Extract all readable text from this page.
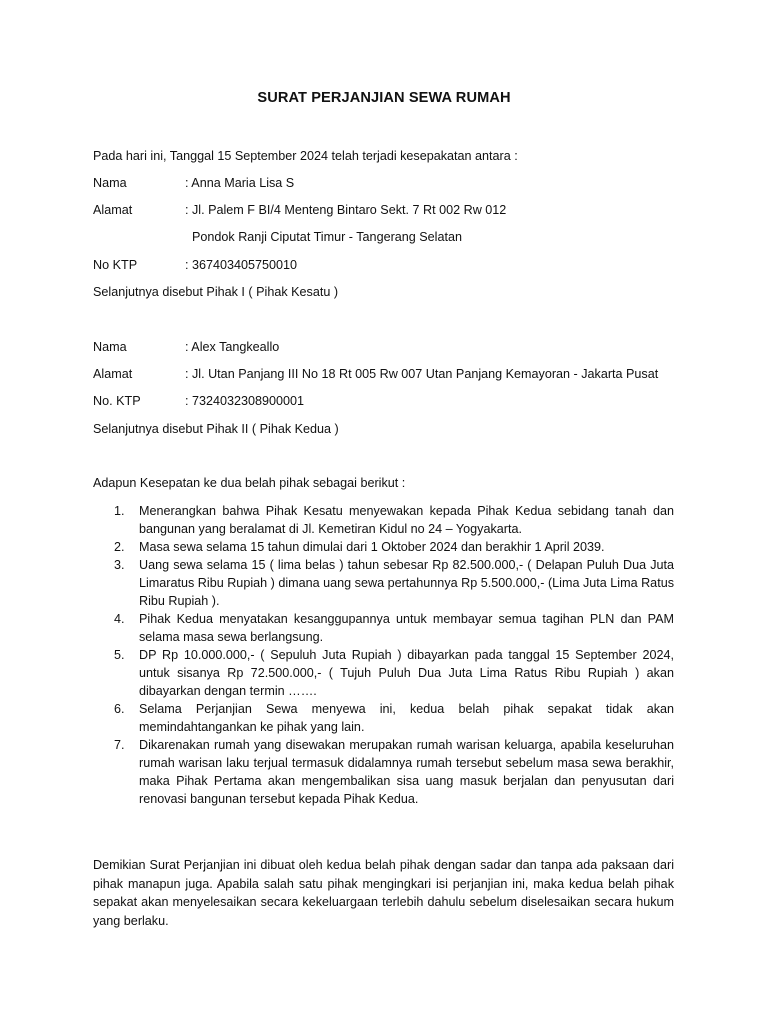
SURAT PERJANJIAN SEWA RUMAH
Pada hari ini, Tanggal 15 September 2024 telah terjadi kesepakatan antara :
Nama	: Anna Maria Lisa S
Alamat	: Jl. Palem F BI/4 Menteng Bintaro Sekt. 7 Rt 002 Rw 012
Pondok Ranji Ciputat Timur - Tangerang Selatan
No KTP	: 367403405750010
Selanjutnya disebut Pihak I ( Pihak Kesatu )
Nama	: Alex Tangkeallo
Alamat	: Jl. Utan Panjang III No 18 Rt 005 Rw 007 Utan Panjang Kemayoran - Jakarta Pusat
No. KTP	: 7324032308900001
Selanjutnya disebut Pihak II ( Pihak Kedua )
Adapun Kesepatan ke dua belah pihak sebagai berikut :
1. Menerangkan bahwa Pihak Kesatu menyewakan kepada Pihak Kedua sebidang tanah dan bangunan yang beralamat di Jl. Kemetiran Kidul no 24 – Yogyakarta.
2. Masa sewa selama 15 tahun dimulai dari 1 Oktober 2024 dan berakhir 1 April 2039.
3. Uang sewa selama 15 ( lima belas ) tahun sebesar Rp 82.500.000,- ( Delapan Puluh Dua Juta Limaratus Ribu Rupiah ) dimana uang sewa pertahunnya Rp 5.500.000,- (Lima Juta Lima Ratus Ribu Rupiah ).
4. Pihak Kedua menyatakan kesanggupannya untuk membayar semua tagihan PLN dan PAM selama masa sewa berlangsung.
5. DP Rp 10.000.000,- ( Sepuluh Juta Rupiah ) dibayarkan pada tanggal 15 September 2024, untuk sisanya Rp 72.500.000,- ( Tujuh Puluh Dua Juta Lima Ratus Ribu Rupiah ) akan dibayarkan dengan termin …….
6. Selama Perjanjian Sewa menyewa ini, kedua belah pihak sepakat tidak akan memindahtangankan ke pihak yang lain.
7. Dikarenakan rumah yang disewakan merupakan rumah warisan keluarga, apabila keseluruhan rumah warisan laku terjual termasuk didalamnya rumah tersebut sebelum masa sewa berakhir, maka Pihak Pertama akan mengembalikan sisa uang masuk berjalan dan penyusutan dari renovasi bangunan tersebut kepada Pihak Kedua.
Demikian Surat Perjanjian ini dibuat oleh kedua belah pihak dengan sadar dan tanpa ada paksaan dari pihak manapun juga. Apabila salah satu pihak mengingkari isi perjanjian ini, maka kedua belah pihak sepakat akan menyelesaikan secara kekeluargaan terlebih dahulu sebelum diselesaikan secara hukum yang berlaku.
